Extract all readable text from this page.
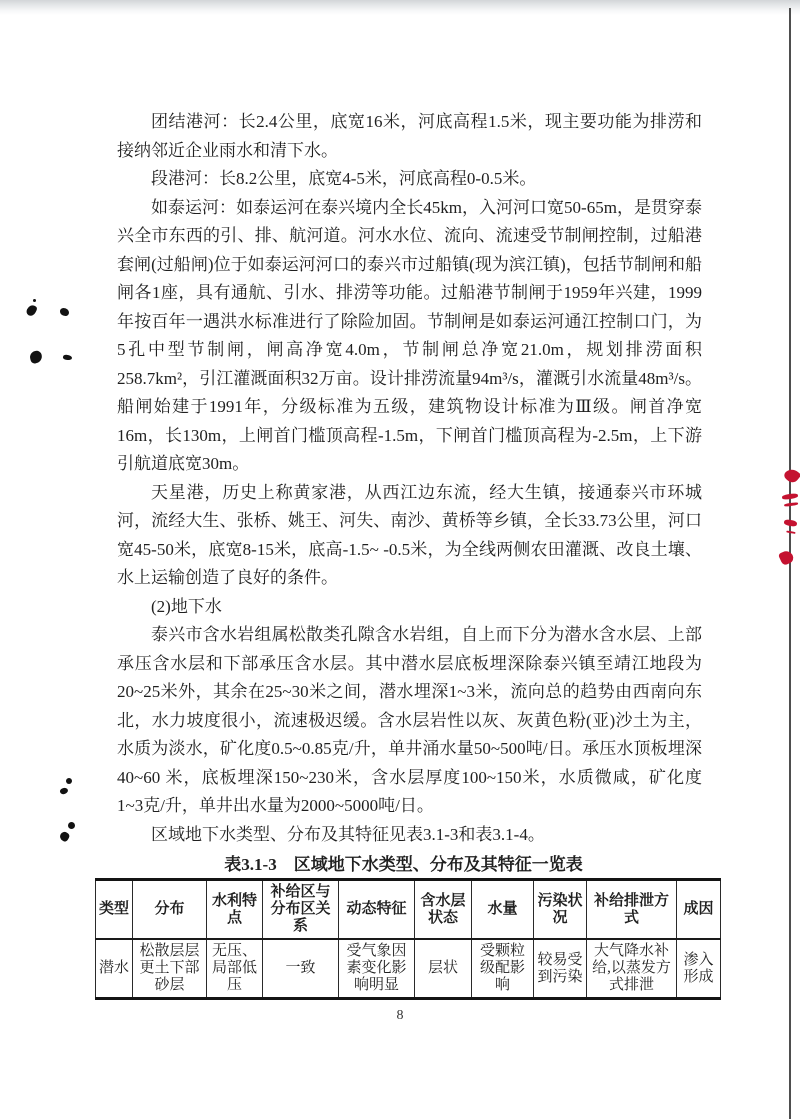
团结港河：长2.4公里，底宽16米，河底高程1.5米，现主要功能为排涝和接纳邻近企业雨水和清下水。

段港河：长8.2公里，底宽4-5米，河底高程0-0.5米。

如泰运河：如泰运河在泰兴境内全长45km，入河河口宽50-65m，是贯穿泰兴全市东西的引、排、航河道。河水水位、流向、流速受节制闸控制，过船港套闸(过船闸)位于如泰运河河口的泰兴市过船镇(现为滨江镇)，包括节制闸和船闸各1座，具有通航、引水、排涝等功能。过船港节制闸于1959年兴建，1999年按百年一遇洪水标准进行了除险加固。节制闸是如泰运河通江控制口门，为5孔中型节制闸，闸高净宽4.0m，节制闸总净宽21.0m，规划排涝面积258.7km²，引江灌溉面积32万亩。设计排涝流量94m³/s，灌溉引水流量48m³/s。船闸始建于1991年，分级标准为五级，建筑物设计标准为Ⅲ级。闸首净宽16m，长130m，上闸首门槛顶高程-1.5m，下闸首门槛顶高程为-2.5m，上下游引航道底宽30m。

天星港，历史上称黄家港，从西江边东流，经大生镇，接通泰兴市环城河，流经大生、张桥、姚王、河失、南沙、黄桥等乡镇，全长33.73公里，河口宽45-50米，底宽8-15米，底高-1.5~ -0.5米，为全线两侧农田灌溉、改良土壤、水上运输创造了良好的条件。

(2)地下水

泰兴市含水岩组属松散类孔隙含水岩组，自上而下分为潜水含水层、上部承压含水层和下部承压含水层。其中潜水层底板埋深除泰兴镇至靖江地段为20~25米外，其余在25~30米之间，潜水埋深1~3米，流向总的趋势由西南向东北，水力坡度很小，流速极迟缓。含水层岩性以灰、灰黄色粉(亚)沙土为主，水质为淡水，矿化度0.5~0.85克/升，单井涌水量50~500吨/日。承压水顶板埋深40~60 米，底板埋深150~230米，含水层厚度100~150米，水质微咸，矿化度1~3克/升，单井出水量为2000~5000吨/日。

区域地下水类型、分布及其特征见表3.1-3和表3.1-4。

表3.1-3　区域地下水类型、分布及其特征一览表
类型	分布	水利特点	补给区与分布区关系	动态特征	含水层状态	水量	污染状况	补给排泄方式	成因
潜水	松散层层更土下部砂层	无压、局部低压	一致	受气象因素变化影响明显	层状	受颗粒级配影响	较易受到污染	大气降水补给,以蒸发方式排泄	渗入形成
8
